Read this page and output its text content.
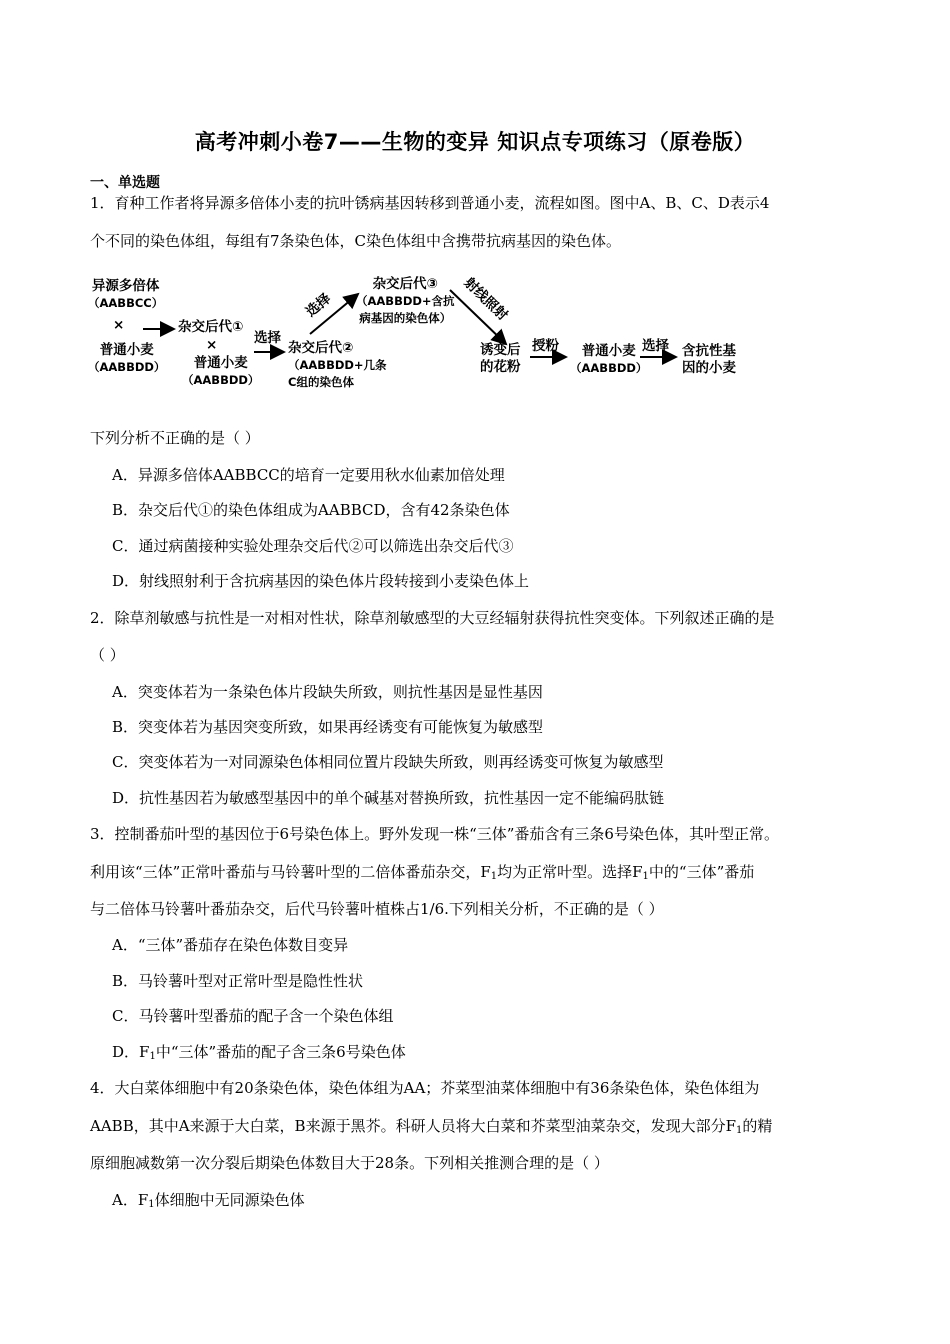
高考冲刺小卷7——生物的变异 知识点专项练习（原卷版）
一、单选题
1．育种工作者将异源多倍体小麦的抗叶锈病基因转移到普通小麦，流程如图。图中A、B、C、D表示4
个不同的染色体组，每组有7条染色体，C染色体组中含携带抗病基因的染色体。
异源多倍体
（AABBCC）
×
普通小麦
（AABBDD）
杂交后代①
×
普通小麦
（AABBDD）
选择
杂交后代②
（AABBDD+几条
C组的染色体
选择
杂交后代③
（AABBDD+含抗
病基因的染色体） 射线照射
诱变后
的花粉
授粉	普通小麦
（AABBDD）
选择 含抗性基
因的小麦
下列分析不正确的是（ ）
A．异源多倍体AABBCC的培育一定要用秋水仙素加倍处理
B．杂交后代①的染色体组成为AABBCD，含有42条染色体
C．通过病菌接种实验处理杂交后代②可以筛选出杂交后代③
D．射线照射利于含抗病基因的染色体片段转接到小麦染色体上
2．除草剂敏感与抗性是一对相对性状，除草剂敏感型的大豆经辐射获得抗性突变体。下列叙述正确的是
（ ）
A．突变体若为一条染色体片段缺失所致，则抗性基因是显性基因
B．突变体若为基因突变所致，如果再经诱变有可能恢复为敏感型
C．突变体若为一对同源染色体相同位置片段缺失所致，则再经诱变可恢复为敏感型
D．抗性基因若为敏感型基因中的单个碱基对替换所致，抗性基因一定不能编码肽链
3．控制番茄叶型的基因位于6号染色体上。野外发现一株“三体”番茄含有三条6号染色体，其叶型正常。
利用该“三体”正常叶番茄与马铃薯叶型的二倍体番茄杂交，$F_1$均为正常叶型。选择$F_1$中的“三体”番茄
与二倍体马铃薯叶番茄杂交，后代马铃薯叶植株占1/6.下列相关分析，不正确的是（ ）
A．“三体”番茄存在染色体数目变异
B．马铃薯叶型对正常叶型是隐性性状
C．马铃薯叶型番茄的配子含一个染色体组
D．$F_1$中“三体”番茄的配子含三条6号染色体
4．大白菜体细胞中有20条染色体，染色体组为AA；芥菜型油菜体细胞中有36条染色体，染色体组为
AABB，其中A来源于大白菜，B来源于黑芥。科研人员将大白菜和芥菜型油菜杂交，发现大部分$F_1$的精
原细胞减数第一次分裂后期染色体数目大于28条。下列相关推测合理的是（ ）
A．$F_1$体细胞中无同源染色体
